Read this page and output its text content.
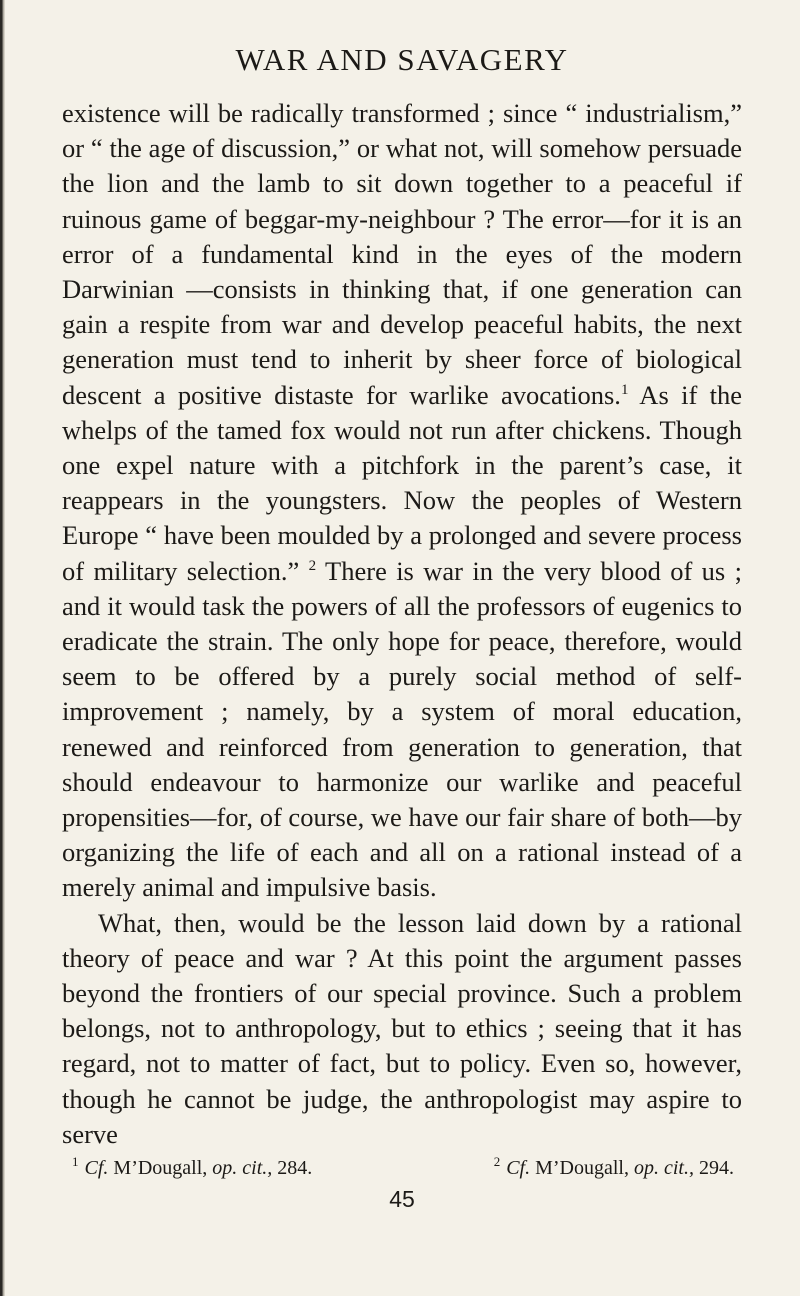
WAR AND SAVAGERY

existence will be radically transformed ; since “ industrialism,” or “ the age of discussion,” or what not, will somehow persuade the lion and the lamb to sit down together to a peaceful if ruinous game of beggar-my-neighbour ? The error—for it is an error of a fundamental kind in the eyes of the modern Darwinian —consists in thinking that, if one generation can gain a respite from war and develop peaceful habits, the next generation must tend to inherit by sheer force of biological descent a positive distaste for warlike avocations.$^1$ As if the whelps of the tamed fox would not run after chickens. Though one expel nature with a pitchfork in the parent’s case, it reappears in the youngsters. Now the peoples of Western Europe “ have been moulded by a prolonged and severe process of military selection.” $^2$ There is war in the very blood of us ; and it would task the powers of all the professors of eugenics to eradicate the strain. The only hope for peace, therefore, would seem to be offered by a purely social method of self-improvement ; namely, by a system of moral education, renewed and reinforced from generation to generation, that should endeavour to harmonize our warlike and peaceful propensities—for, of course, we have our fair share of both—by organizing the life of each and all on a rational instead of a merely animal and impulsive basis.

What, then, would be the lesson laid down by a rational theory of peace and war ? At this point the argument passes beyond the frontiers of our special province. Such a problem belongs, not to anthropology, but to ethics ; seeing that it has regard, not to matter of fact, but to policy. Even so, however, though he cannot be judge, the anthropologist may aspire to serve

$^1$ Cf. M’Dougall, op. cit., 284.	$^2$ Cf. M’Dougall, op. cit., 294.
45
